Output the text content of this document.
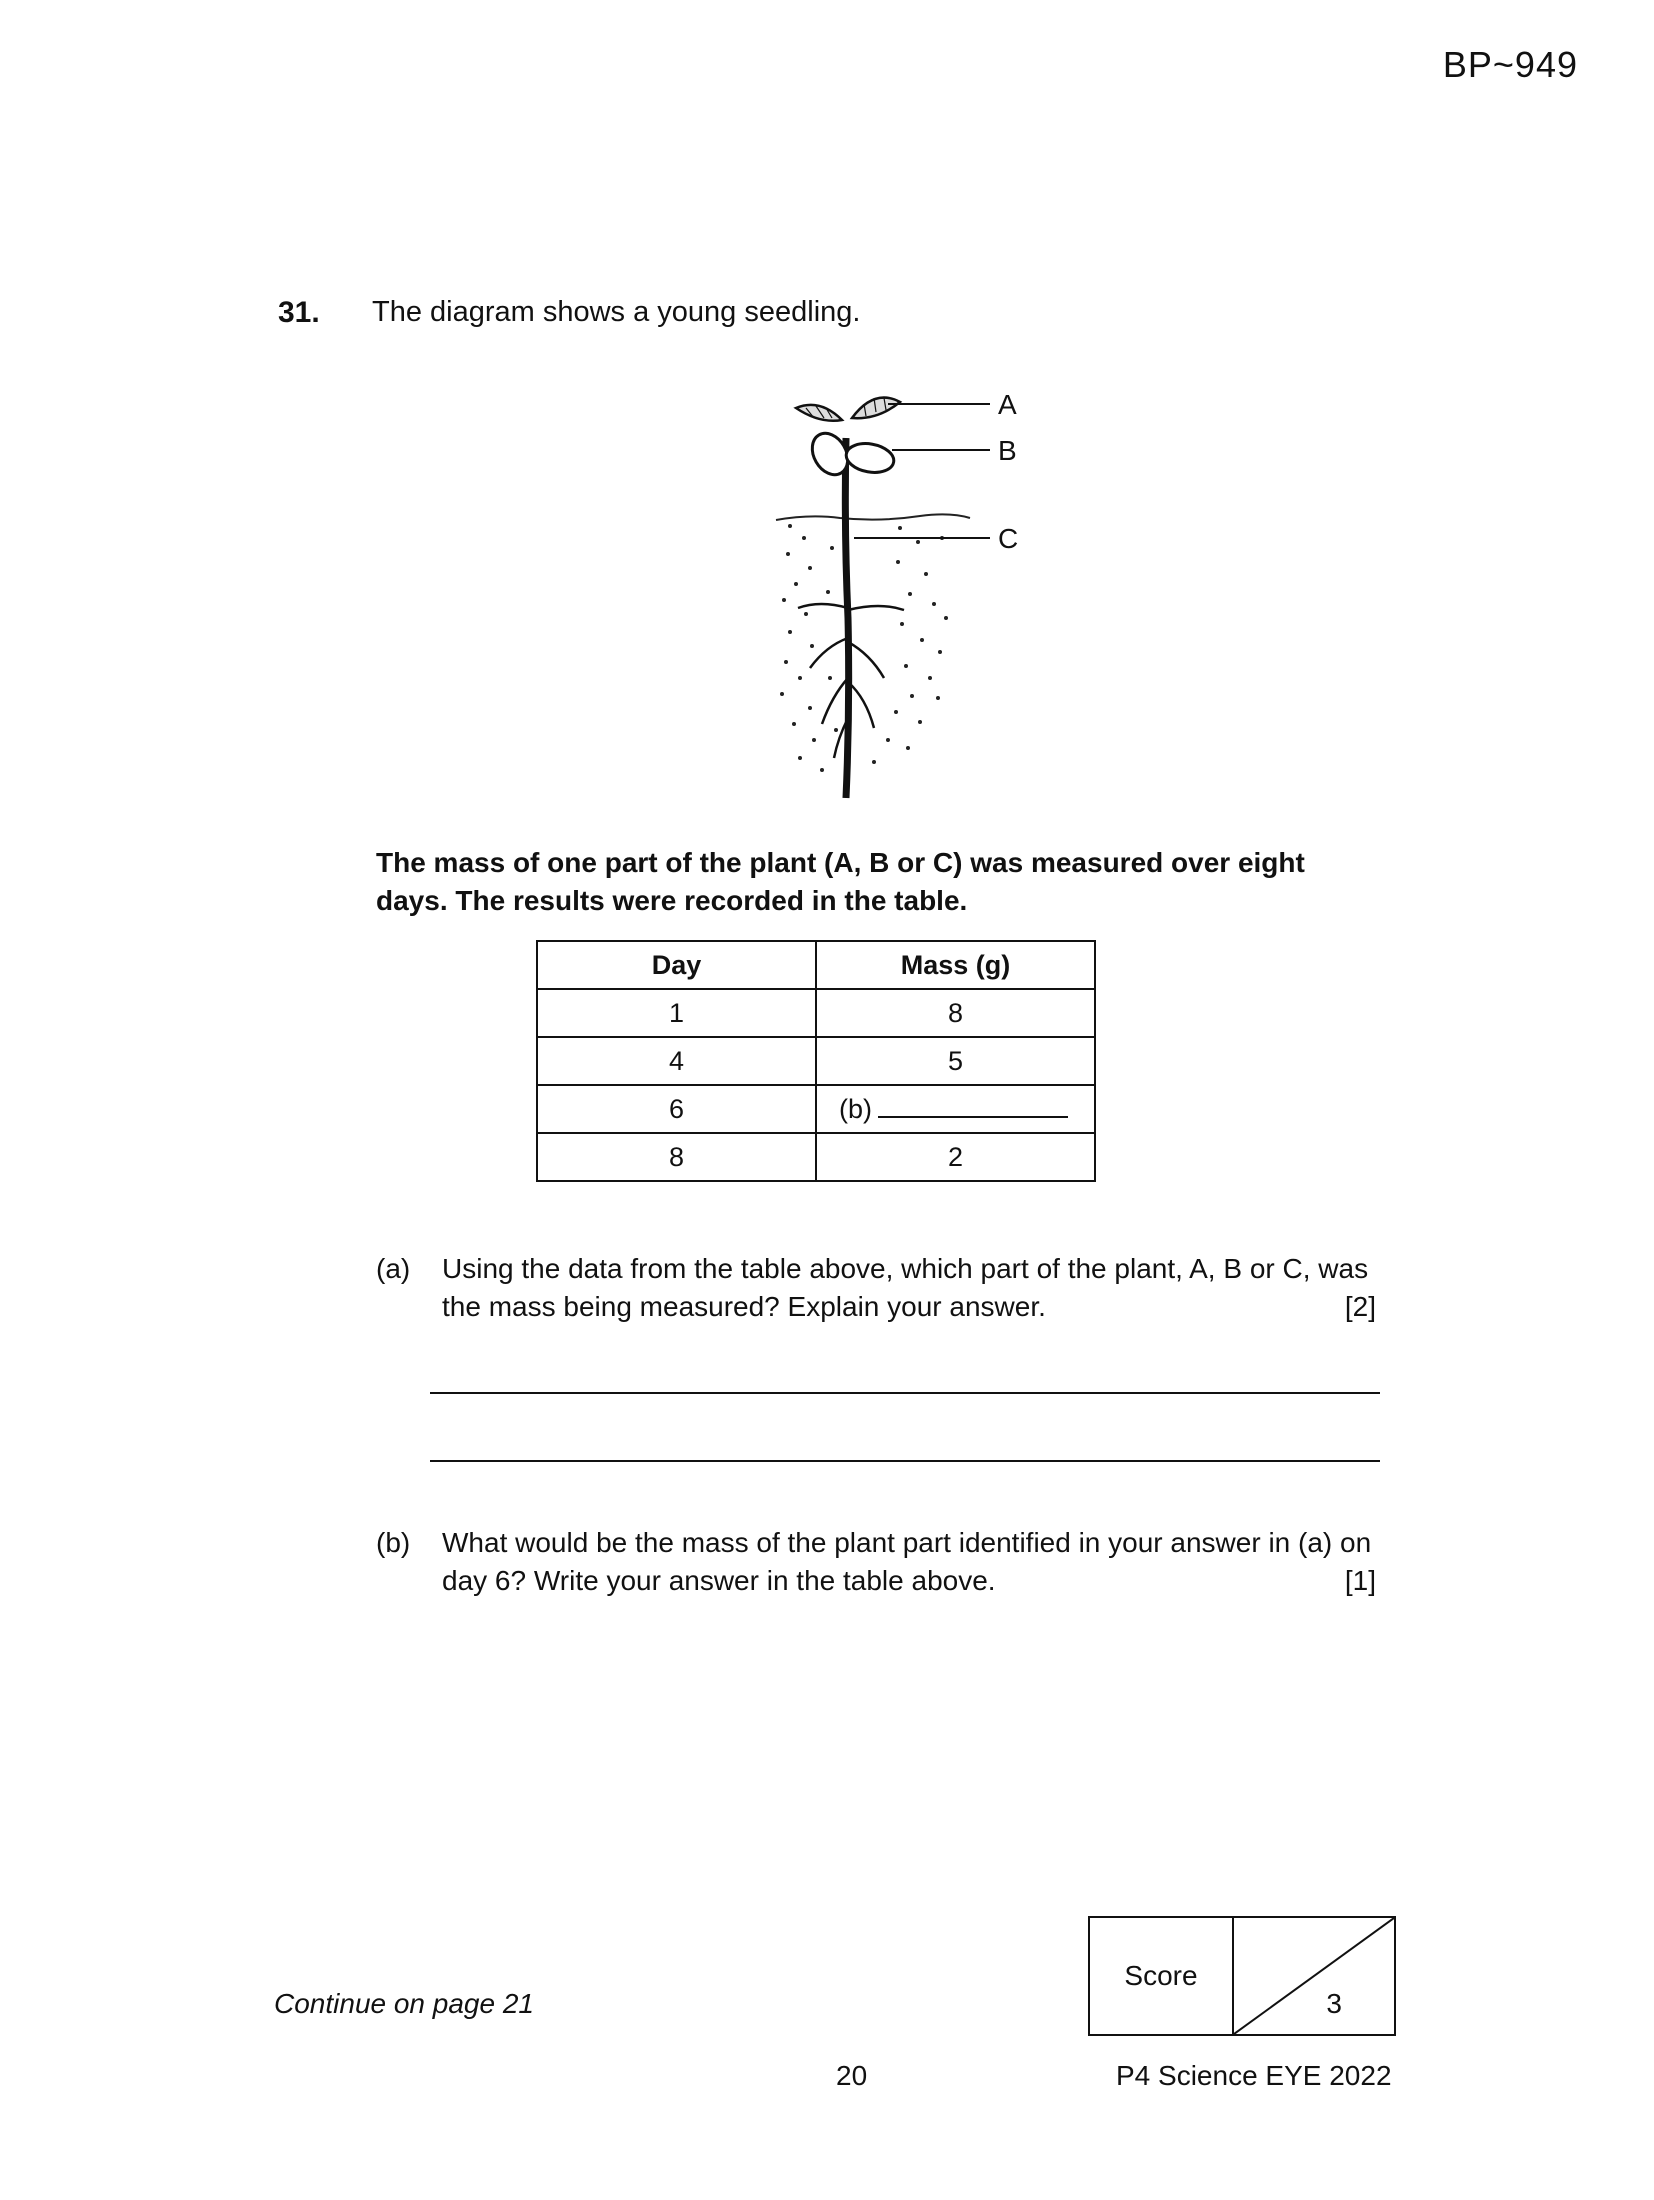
BP~949
31. The diagram shows a young seedling.
A
B
C
The mass of one part of the plant (A, B or C) was measured over eight days. The results were recorded in the table.
Day	Mass (g)
1	8
4	5
6	(b)
8	2
(a) Using the data from the table above, which part of the plant, A, B or C, was the mass being measured? Explain your answer.	[2]
(b) What would be the mass of the plant part identified in your answer in (a) on day 6? Write your answer in the table above.	[1]
Continue on page 21
Score
3
20	P4 Science EYE 2022
